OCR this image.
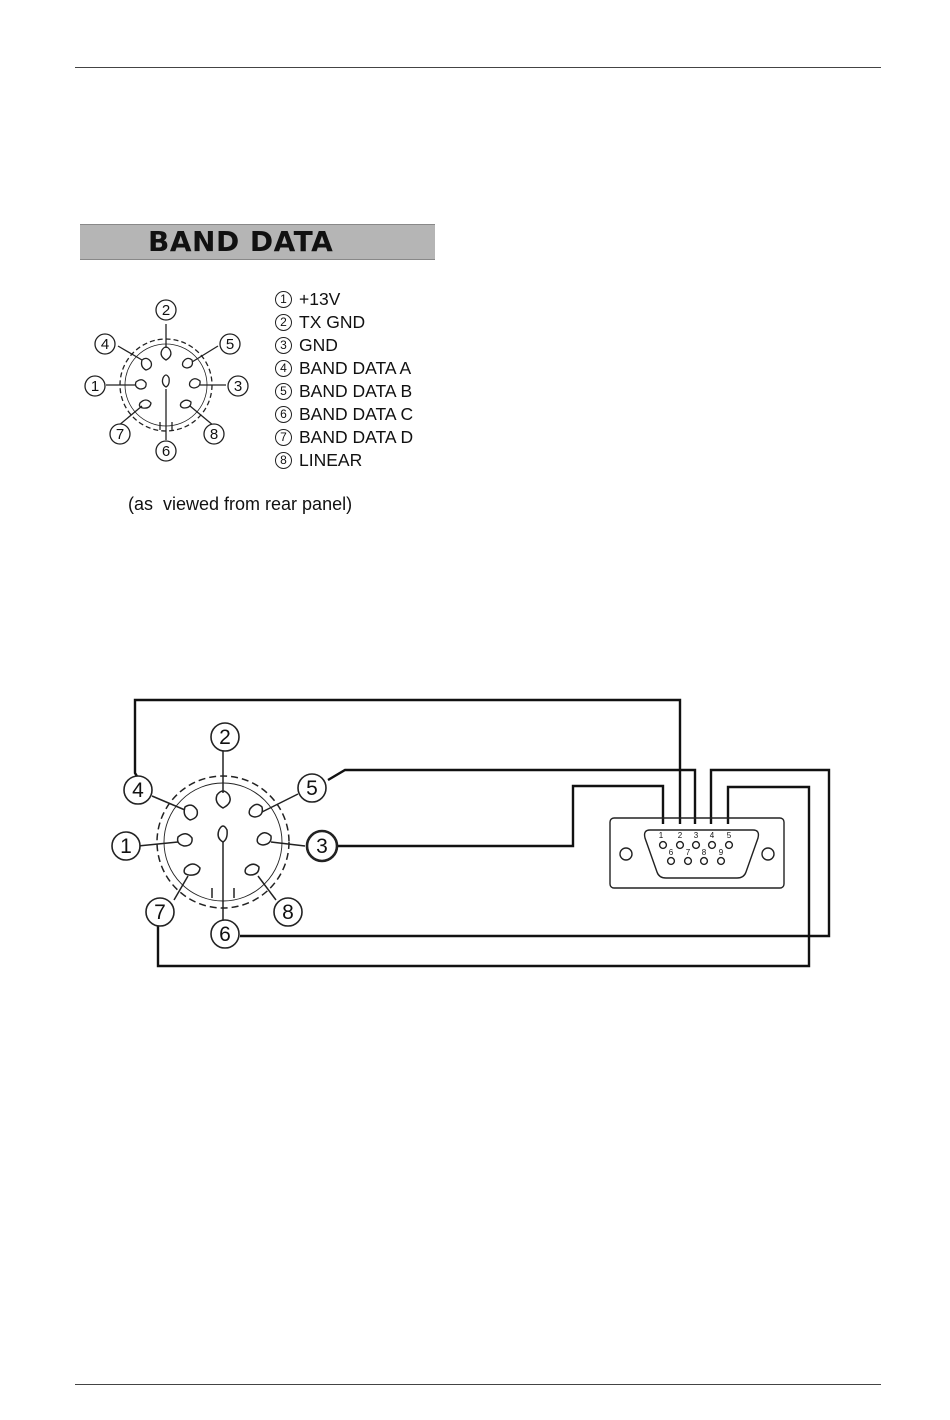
BAND DATA
2
4	5
1	3
7	8
6
1 +13V
2 TX GND
3 GND
4 BAND DATA A
5 BAND DATA B
6 BAND DATA C
7 BAND DATA D
8 LINEAR
(as  viewed from rear panel)
2
4	5
1	3
7	8
6
1 2 3 4 5
6 7 8 9
